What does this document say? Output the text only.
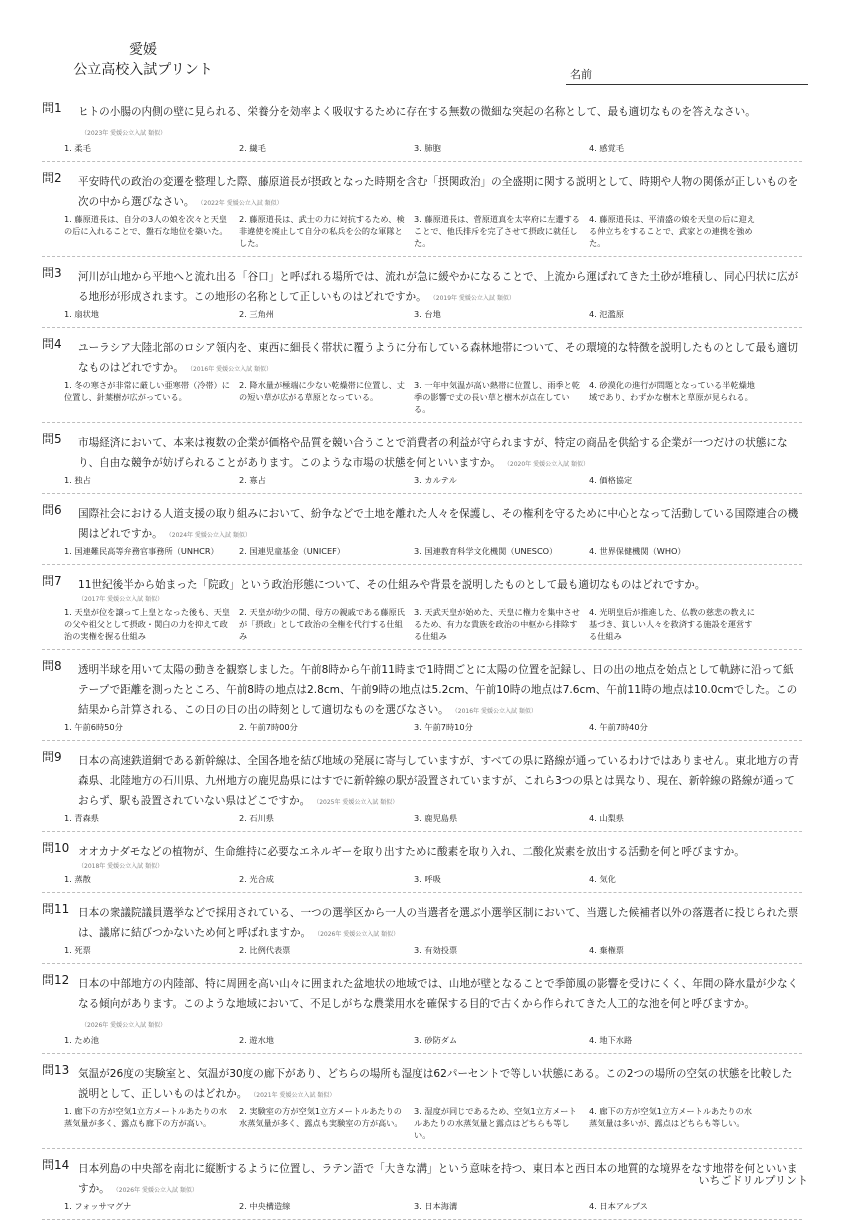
愛媛
公立高校入試プリント	名前
問1	ヒトの小腸の内側の壁に見られる、栄養分を効率よく吸収するために存在する無数の微細な突起の名称として、最も適切なものを答えなさい。（2023年 愛媛公立入試 類似）
1. 柔毛	2. 繊毛	3. 肺胞	4. 感覚毛
問2	平安時代の政治の変遷を整理した際、藤原道長が摂政となった時期を含む「摂関政治」の全盛期に関する説明として、時期や人物の関係が正しいものを次の中から選びなさい。 （2022年 愛媛公立入試 類似）
1. 藤原道長は、自分の3人の娘を次々と天皇の后に入れることで、盤石な地位を築いた。
2. 藤原道長は、武士の力に対抗するため、検非違使を廃止して自分の私兵を公的な軍隊とした。
3. 藤原道長は、菅原道真を太宰府に左遷することで、他氏排斥を完了させて摂政に就任した。
4. 藤原道長は、平清盛の娘を天皇の后に迎える仲立ちをすることで、武家との連携を強めた。
問3	河川が山地から平地へと流れ出る「谷口」と呼ばれる場所では、流れが急に緩やかになることで、上流から運ばれてきた土砂が堆積し、同心円状に広がる地形が形成されます。この地形の名称として正しいものはどれですか。 （2019年 愛媛公立入試 類似）
1. 扇状地	2. 三角州	3. 台地	4. 氾濫原
問4	ユーラシア大陸北部のロシア領内を、東西に細長く帯状に覆うように分布している森林地帯について、その環境的な特徴を説明したものとして最も適切なものはどれですか。 （2016年 愛媛公立入試 類似）
1. 冬の寒さが非常に厳しい亜寒帯（冷帯）に位置し、針葉樹が広がっている。
2. 降水量が極端に少ない乾燥帯に位置し、丈の短い草が広がる草原となっている。
3. 一年中気温が高い熱帯に位置し、雨季と乾季の影響で丈の長い草と樹木が点在している。
4. 砂漠化の進行が問題となっている半乾燥地域であり、わずかな樹木と草原が見られる。
問5	市場経済において、本来は複数の企業が価格や品質を競い合うことで消費者の利益が守られますが、特定の商品を供給する企業が一つだけの状態になり、自由な競争が妨げられることがあります。このような市場の状態を何といいますか。 （2020年 愛媛公立入試 類似）
1. 独占	2. 寡占	3. カルテル	4. 価格協定
問6	国際社会における人道支援の取り組みにおいて、紛争などで土地を離れた人々を保護し、その権利を守るために中心となって活動している国際連合の機関はどれですか。 （2024年 愛媛公立入試 類似）
1. 国連難民高等弁務官事務所（UNHCR）	2. 国連児童基金（UNICEF）	3. 国連教育科学文化機関（UNESCO）	4. 世界保健機関（WHO）
問7	11世紀後半から始まった「院政」という政治形態について、その仕組みや背景を説明したものとして最も適切なものはどれですか。
（2017年 愛媛公立入試 類似）
1. 天皇が位を譲って上皇となった後も、天皇の父や祖父として摂政・関白の力を抑えて政治の実権を握る仕組み
2. 天皇が幼少の間、母方の親戚である藤原氏が「摂政」として政治の全権を代行する仕組み
3. 天武天皇が始めた、天皇に権力を集中させるため、有力な貴族を政治の中枢から排除する仕組み
4. 光明皇后が推進した、仏教の慈悲の教えに基づき、貧しい人々を救済する施設を運営する仕組み
問8	透明半球を用いて太陽の動きを観察しました。午前8時から午前11時まで1時間ごとに太陽の位置を記録し、日の出の地点を始点として軌跡に沿って紙テープで距離を測ったところ、午前8時の地点は2.8cm、午前9時の地点は5.2cm、午前10時の地点は7.6cm、午前11時の地点は10.0cmでした。この結果から計算される、この日の日の出の時刻として適切なものを選びなさい。 （2016年 愛媛公立入試 類似）
1. 午前6時50分	2. 午前7時00分	3. 午前7時10分	4. 午前7時40分
問9	日本の高速鉄道網である新幹線は、全国各地を結び地域の発展に寄与していますが、すべての県に路線が通っているわけではありません。東北地方の青森県、北陸地方の石川県、九州地方の鹿児島県にはすでに新幹線の駅が設置されていますが、これら3つの県とは異なり、現在、新幹線の路線が通っておらず、駅も設置されていない県はどこですか。 （2025年 愛媛公立入試 類似）
1. 青森県	2. 石川県	3. 鹿児島県	4. 山梨県
問10 オオカナダモなどの植物が、生命維持に必要なエネルギーを取り出すために酸素を取り入れ、二酸化炭素を放出する活動を何と呼びますか。
（2018年 愛媛公立入試 類似）
1. 蒸散	2. 光合成	3. 呼吸	4. 気化
問11 日本の衆議院議員選挙などで採用されている、一つの選挙区から一人の当選者を選ぶ小選挙区制において、当選した候補者以外の落選者に投じられた票は、議席に結びつかないため何と呼ばれますか。 （2026年 愛媛公立入試 類似）
1. 死票	2. 比例代表票	3. 有効投票	4. 棄権票
問12 日本の中部地方の内陸部、特に周囲を高い山々に囲まれた盆地状の地域では、山地が壁となることで季節風の影響を受けにくく、年間の降水量が少なくなる傾向があります。このような地域において、不足しがちな農業用水を確保する目的で古くから作られてきた人工的な池を何と呼びますか。（2026年 愛媛公立入試 類似）
1. ため池	2. 遊水地	3. 砂防ダム	4. 地下水路
問13 気温が26度の実験室と、気温が30度の廊下があり、どちらの場所も湿度は62パーセントで等しい状態にある。この2つの場所の空気の状態を比較した説明として、正しいものはどれか。 （2021年 愛媛公立入試 類似）
1. 廊下の方が空気1立方メートルあたりの水蒸気量が多く、露点も廊下の方が高い。
2. 実験室の方が空気1立方メートルあたりの水蒸気量が多く、露点も実験室の方が高い。
3. 湿度が同じであるため、空気1立方メートルあたりの水蒸気量と露点はどちらも等しい。
4. 廊下の方が空気1立方メートルあたりの水蒸気量は多いが、露点はどちらも等しい。
問14 日本列島の中央部を南北に縦断するように位置し、ラテン語で「大きな溝」という意味を持つ、東日本と西日本の地質的な境界をなす地帯を何といいますか。 （2026年 愛媛公立入試 類似）
1. フォッサマグナ	2. 中央構造線	3. 日本海溝	4. 日本アルプス
いちごドリルプリント
